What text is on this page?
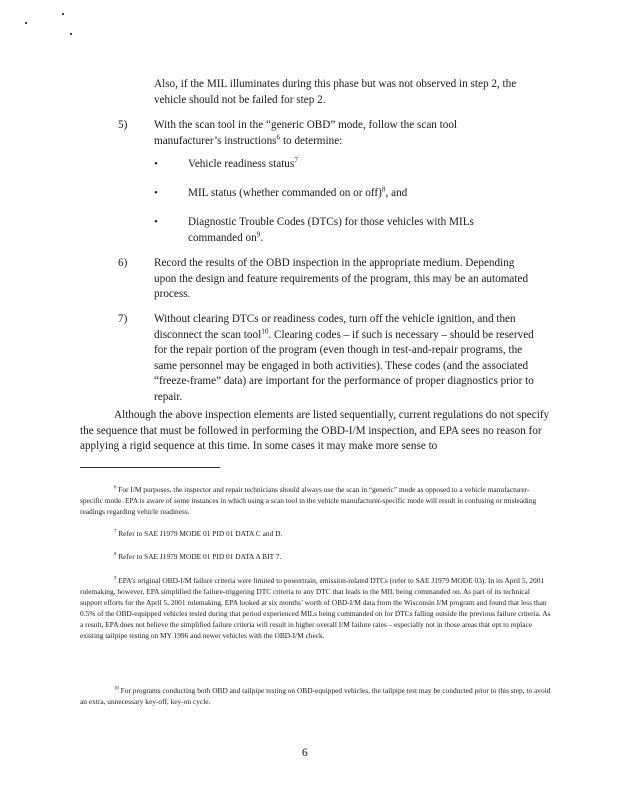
Also, if the MIL illuminates during this phase but was not observed in step 2, the vehicle should not be failed for step 2.

5) With the scan tool in the “generic OBD” mode, follow the scan tool manufacturer’s instructions$^6$ to determine:

•	Vehicle readiness status$^7$

•	MIL status (whether commanded on or off)$^8$, and

•	Diagnostic Trouble Codes (DTCs) for those vehicles with MILs commanded $on^9$.

6) Record the results of the OBD inspection in the appropriate medium. Depending upon the design and feature requirements of the program, this may be an automated process.

7) Without clearing DTCs or readiness codes, turn off the vehicle ignition, and then disconnect the scan tool$^{10}$. Clearing codes – if such is necessary – should be reserved for the repair portion of the program (even though in test-and-repair programs, the same personnel may be engaged in both activities). These codes (and the associated “freeze-frame” data) are important for the performance of proper diagnostics prior to repair.

Although the above inspection elements are listed sequentially, current regulations do not specify the sequence that must be followed in performing the OBD-I/M inspection, and EPA sees no reason for applying a rigid sequence at this time. In some cases it may make more sense to

$^6$ For I/M purposes, the inspector and repair technicians should always use the scan in “generic” mode as opposed to a vehicle manufacturer-specific mode. EPA is aware of some instances in which using a scan tool in the vehicle manufacturer-specific mode will result in confusing or misleading readings regarding vehicle readiness.

$^7$ Refer to SAE J1979 MODE 01 PID 01 DATA C and D.

$^8$ Refer to SAE J1979 MODE 01 PID 01 DATA A BIT 7.

$^9$ EPA’s original OBD-I/M failure criteria were limited to powertrain, emission-related DTCs (refer to SAE J1979 MODE 03). In its April 5, 2001 rulemaking, however, EPA simplified the failure-triggering DTC criteria to any DTC that leads to the MIL being commanded on. As part of its technical support efforts for the April 5, 2001 rulemaking, EPA looked at six months’ worth of OBD-I/M data from the Wisconsin I/M program and found that less than 0.5% of the OBD-equipped vehicles tested during that period experienced MILs being commanded on for DTCs falling outside the previous failure criteria. As a result, EPA does not believe the simplified failure criteria will result in higher overall I/M failure rates – especially not in those areas that opt to replace existing tailpipe testing on MY 1996 and newer vehicles with the OBD-I/M check.

$^{10}$ For programs conducting both OBD and tailpipe testing on OBD-equipped vehicles, the tailpipe test may be conducted prior to this step, to avoid an extra, unnecessary key-off, key-on cycle.

6
